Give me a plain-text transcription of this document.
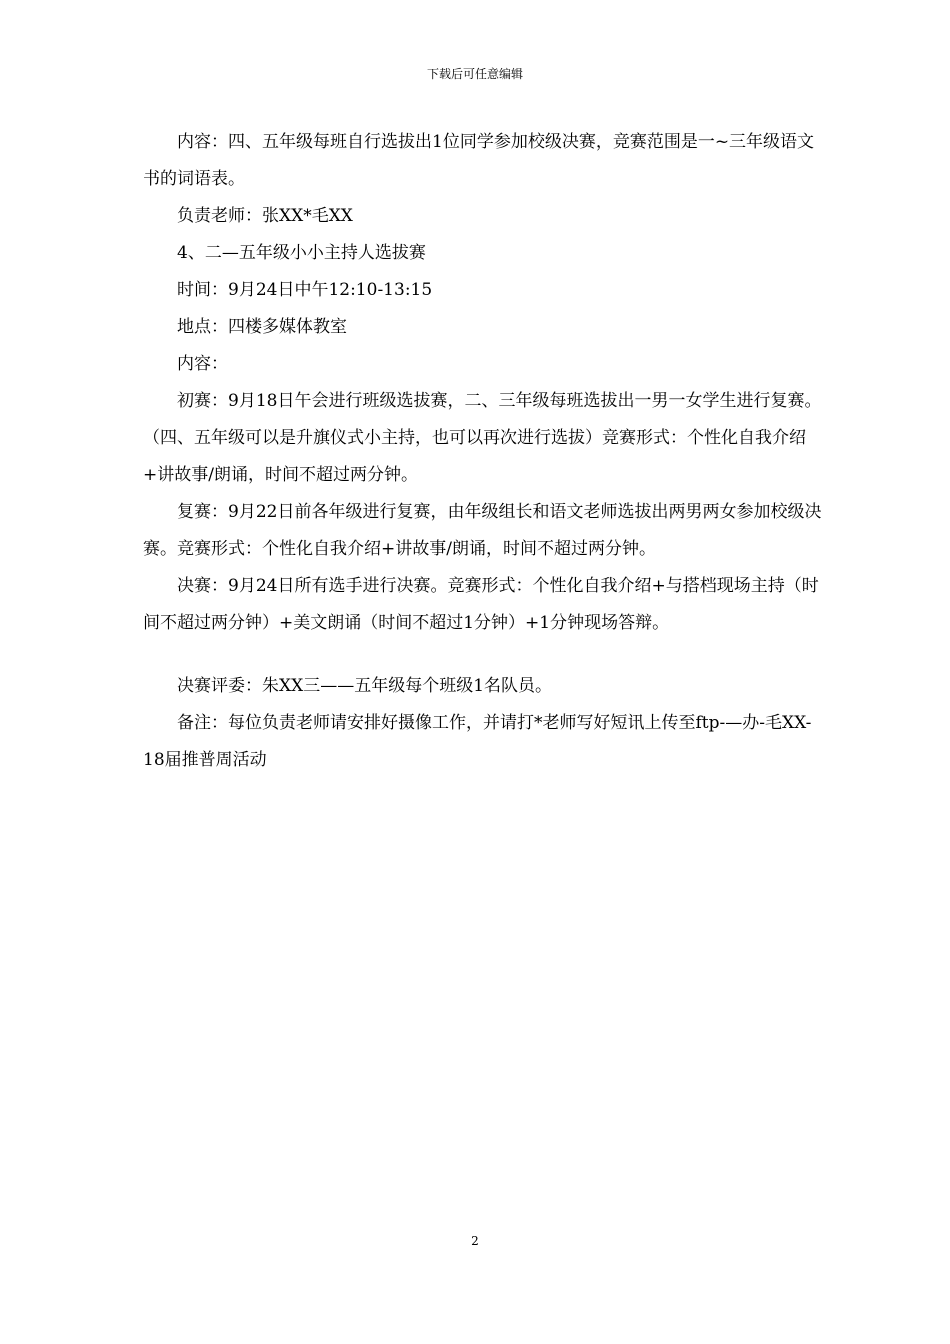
下载后可任意编辑

内容：四、五年级每班自行选拔出1位同学参加校级决赛，竞赛范围是一~三年级语文书的词语表。

负责老师：张XX*毛XX

4、二—五年级小小主持人选拔赛

时间：9月24日中午12:10-13:15

地点：四楼多媒体教室

内容：

初赛：9月18日午会进行班级选拔赛，二、三年级每班选拔出一男一女学生进行复赛。（四、五年级可以是升旗仪式小主持，也可以再次进行选拔）竞赛形式：个性化自我介绍+讲故事/朗诵，时间不超过两分钟。

复赛：9月22日前各年级进行复赛，由年级组长和语文老师选拔出两男两女参加校级决赛。竞赛形式：个性化自我介绍+讲故事/朗诵，时间不超过两分钟。

决赛：9月24日所有选手进行决赛。竞赛形式：个性化自我介绍+与搭档现场主持（时间不超过两分钟）+美文朗诵（时间不超过1分钟）+1分钟现场答辩。

决赛评委：朱XX三——五年级每个班级1名队员。

备注：每位负责老师请安排好摄像工作，并请打*老师写好短讯上传至ftp-—办-毛XX-18届推普周活动

2
